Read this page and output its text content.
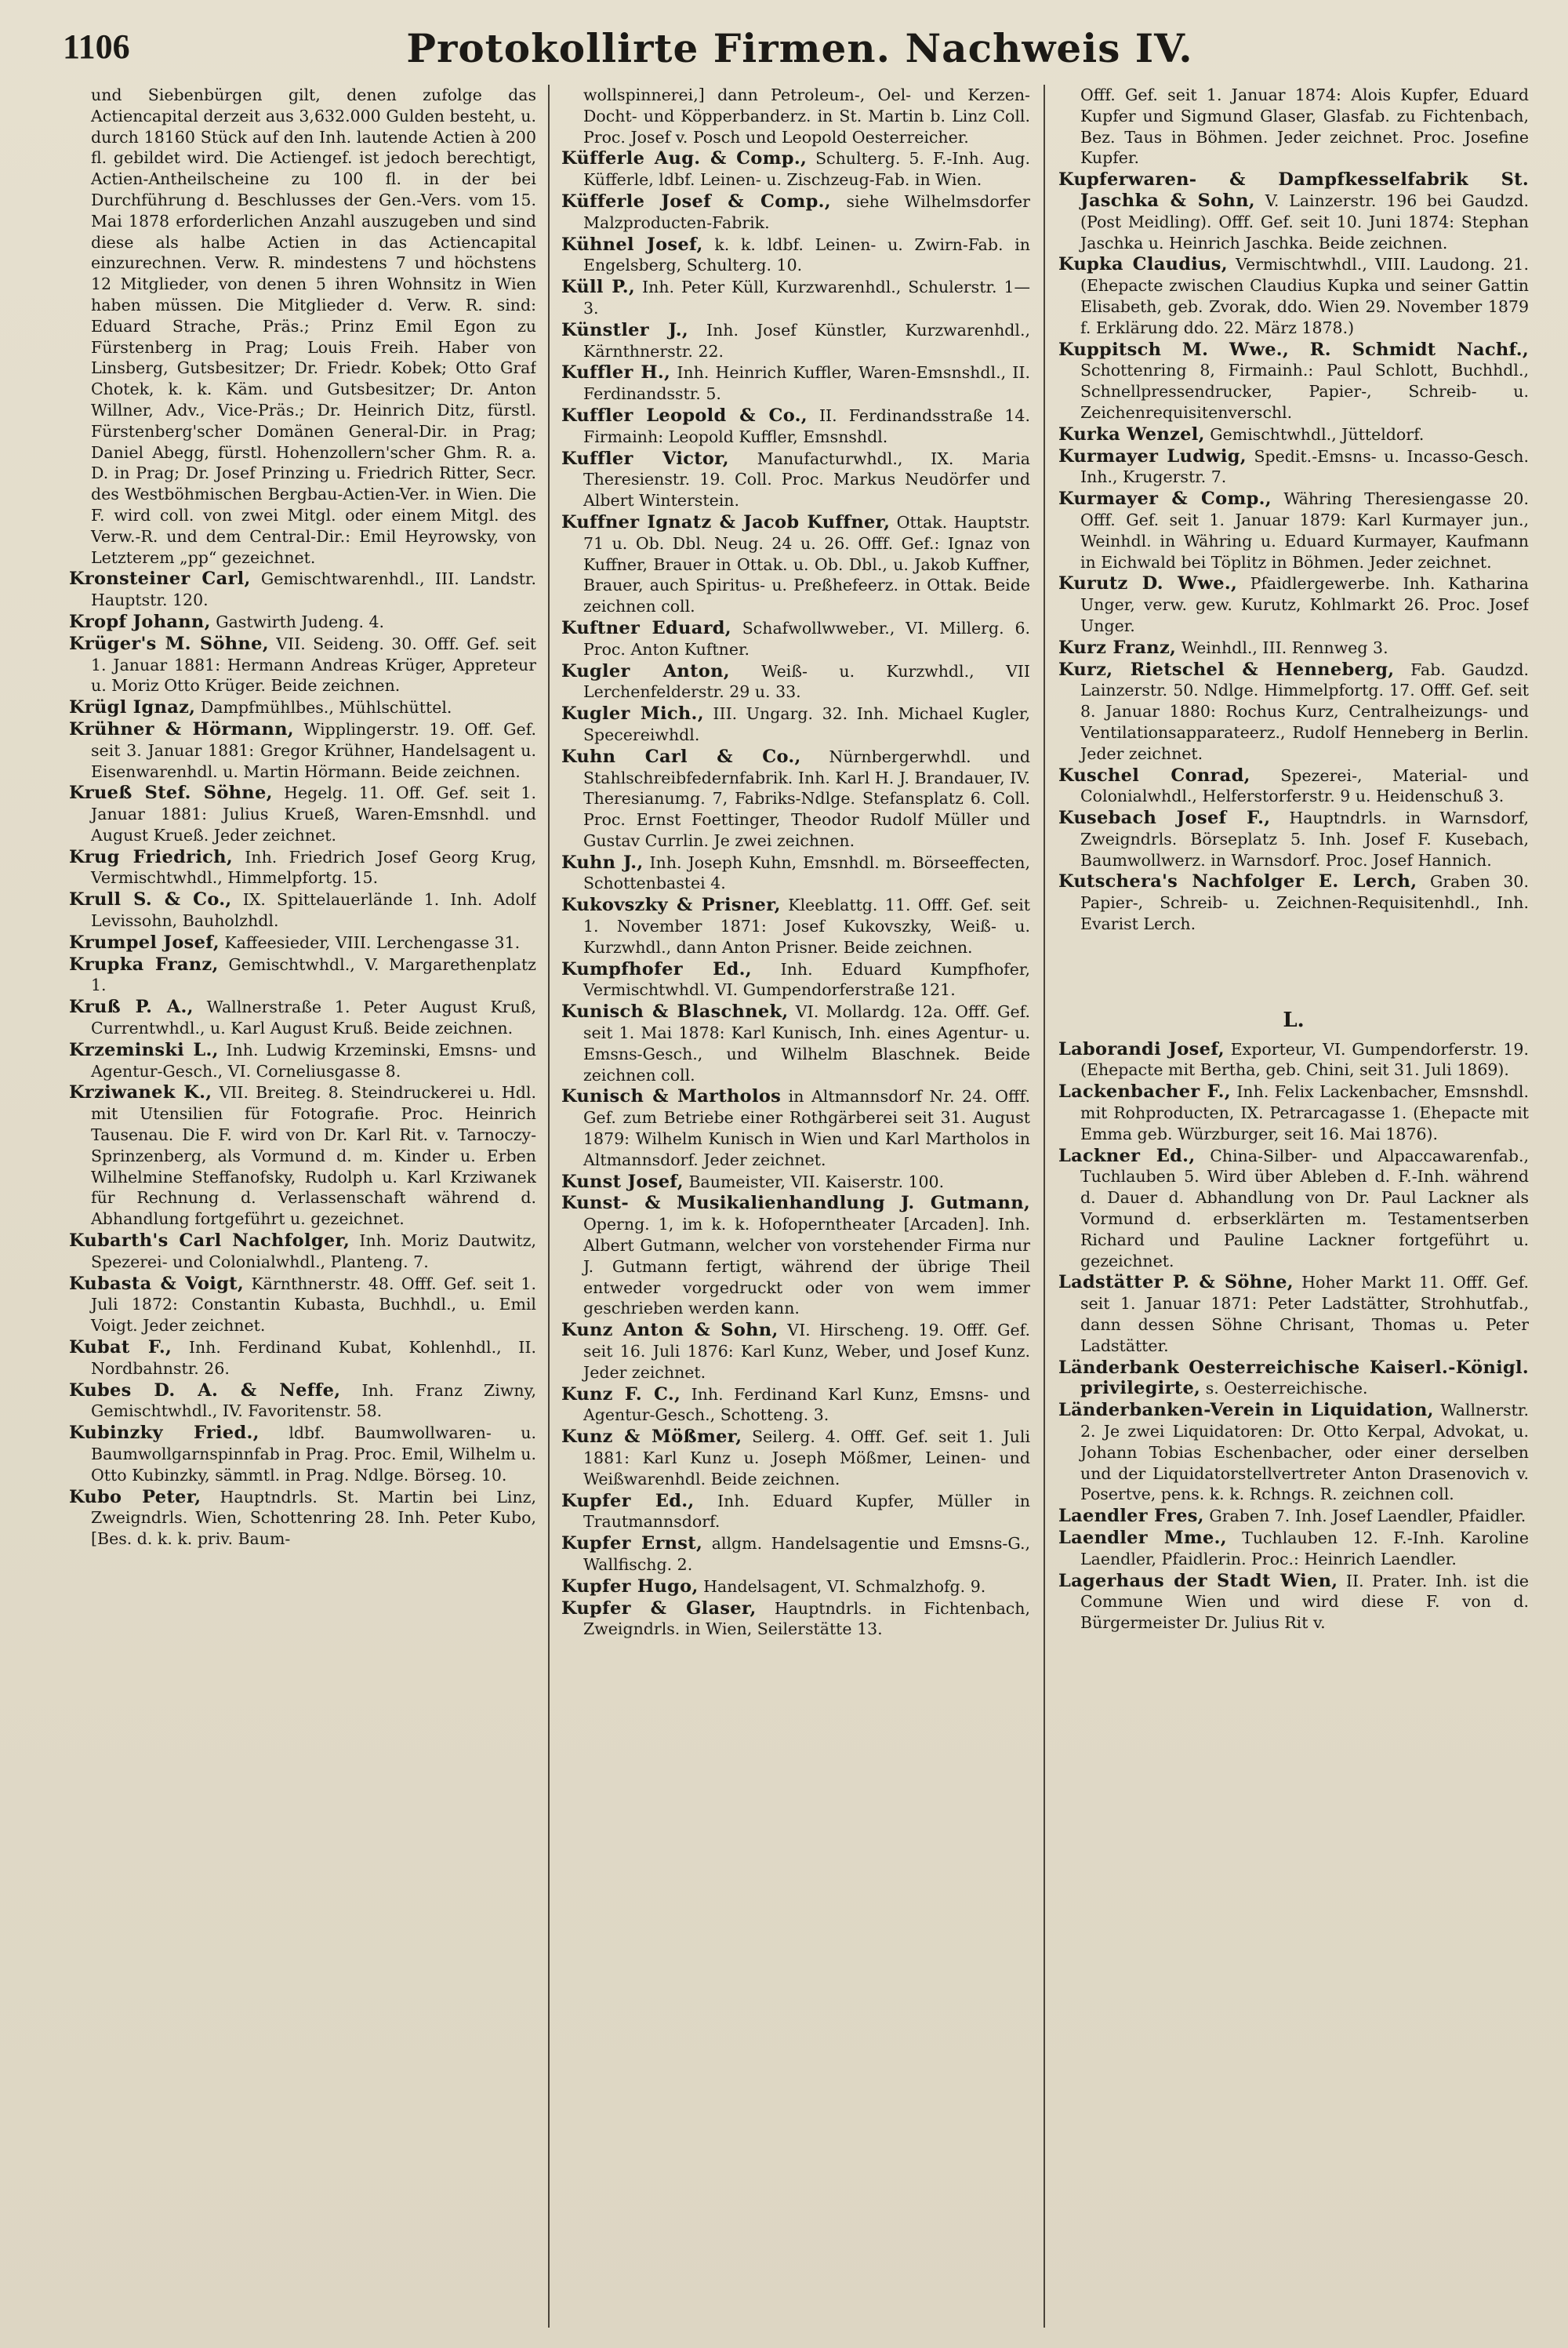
1106	Protokollirte Firmen. Nachweis IV.
und Siebenbürgen gilt, denen zufolge das Actiencapital derzeit aus 3,632.000 Gulden besteht, u. durch 18160 Stück auf den Inh. lautende Actien à 200 fl. gebildet wird. Die Actiengef. ist jedoch berechtigt, Actien-Antheilscheine zu 100 fl. in der bei Durchführung d. Beschlusses der Gen.-Vers. vom 15. Mai 1878 erforderlichen Anzahl auszugeben und sind diese als halbe Actien in das Actiencapital einzurechnen. Verw. R. mindestens 7 und höchstens 12 Mitglieder, von denen 5 ihren Wohnsitz in Wien haben müssen. Die Mitglieder d. Verw. R. sind: Eduard Strache, Präs.; Prinz Emil Egon zu Fürstenberg in Prag; Louis Freih. Haber von Linsberg, Gutsbesitzer; Dr. Friedr. Kobek; Otto Graf Chotek, k. k. Käm. und Gutsbesitzer; Dr. Anton Willner, Adv., Vice-Präs.; Dr. Heinrich Ditz, fürstl. Fürstenberg'scher Domänen General-Dir. in Prag; Daniel Abegg, fürstl. Hohenzollern'scher Ghm. R. a. D. in Prag; Dr. Josef Prinzing u. Friedrich Ritter, Secr. des Westböhmischen Bergbau-Actien-Ver. in Wien. Die F. wird coll. von zwei Mitgl. oder einem Mitgl. des Verw.-R. und dem Central-Dir.: Emil Heyrowsky, von Letzterem „pp“ gezeichnet.
Kronsteiner Carl, Gemischtwarenhdl., III. Landstr. Hauptstr. 120.
Kropf Johann, Gastwirth Judeng. 4.
Krüger's M. Söhne, VII. Seideng. 30. Offf. Gef. seit 1. Januar 1881: Hermann Andreas Krüger, Appreteur u. Moriz Otto Krüger. Beide zeichnen.
Krügl Ignaz, Dampfmühlbes., Mühlschüttel.
Krühner & Hörmann, Wipplingerstr. 19. Off. Gef. seit 3. Januar 1881: Gregor Krühner, Handelsagent u. Eisenwarenhdl. u. Martin Hörmann. Beide zeichnen.
Krueß Stef. Söhne, Hegelg. 11. Off. Gef. seit 1. Januar 1881: Julius Krueß, Waren-Emsnhdl. und August Krueß. Jeder zeichnet.
Krug Friedrich, Inh. Friedrich Josef Georg Krug, Vermischtwhdl., Himmelpfortg. 15.
Krull S. & Co., IX. Spittelauerlände 1. Inh. Adolf Levissohn, Bauholzhdl.
Krumpel Josef, Kaffeesieder, VIII. Lerchengasse 31.
Krupka Franz, Gemischtwhdl., V. Margarethenplatz 1.
Kruß P. A., Wallnerstraße 1. Peter August Kruß, Currentwhdl., u. Karl August Kruß. Beide zeichnen.
Krzeminski L., Inh. Ludwig Krzeminski, Emsns- und Agentur-Gesch., VI. Corneliusgasse 8.
Krziwanek K., VII. Breiteg. 8. Steindruckerei u. Hdl. mit Utensilien für Fotografie. Proc. Heinrich Tausenau. Die F. wird von Dr. Karl Rit. v. Tarnoczy-Sprinzenberg, als Vormund d. m. Kinder u. Erben Wilhelmine Steffanofsky, Rudolph u. Karl Krziwanek für Rechnung d. Verlassenschaft während d. Abhandlung fortgeführt u. gezeichnet.
Kubarth's Carl Nachfolger, Inh. Moriz Dautwitz, Spezerei- und Colonialwhdl., Planteng. 7.
Kubasta & Voigt, Kärnthnerstr. 48. Offf. Gef. seit 1. Juli 1872: Constantin Kubasta, Buchhdl., u. Emil Voigt. Jeder zeichnet.
Kubat F., Inh. Ferdinand Kubat, Kohlenhdl., II. Nordbahnstr. 26.
Kubes D. A. & Neffe, Inh. Franz Ziwny, Gemischtwhdl., IV. Favoritenstr. 58.
Kubinzky Fried., ldbf. Baumwollwaren- u. Baumwollgarnspinnfab in Prag. Proc. Emil, Wilhelm u. Otto Kubinzky, sämmtl. in Prag. Ndlge. Börseg. 10.
Kubo Peter, Hauptndrls. St. Martin bei Linz, Zweigndrls. Wien, Schottenring 28. Inh. Peter Kubo, [Bes. d. k. k. priv. Baum-
wollspinnerei,] dann Petroleum-, Oel- und Kerzen-Docht- und Köpperbanderz. in St. Martin b. Linz Coll. Proc. Josef v. Posch und Leopold Oesterreicher.
Küfferle Aug. & Comp., Schulterg. 5. F.-Inh. Aug. Küfferle, ldbf. Leinen- u. Zischzeug-Fab. in Wien.
Küfferle Josef & Comp., siehe Wilhelmsdorfer Malzproducten-Fabrik.
Kühnel Josef, k. k. ldbf. Leinen- u. Zwirn-Fab. in Engelsberg, Schulterg. 10.
Küll P., Inh. Peter Küll, Kurzwarenhdl., Schulerstr. 1—3.
Künstler J., Inh. Josef Künstler, Kurzwarenhdl., Kärnthnerstr. 22.
Kuffler H., Inh. Heinrich Kuffler, Waren-Emsnshdl., II. Ferdinandsstr. 5.
Kuffler Leopold & Co., II. Ferdinandsstraße 14. Firmainh: Leopold Kuffler, Emsnshdl.
Kuffler Victor, Manufacturwhdl., IX. Maria Theresienstr. 19. Coll. Proc. Markus Neudörfer und Albert Winterstein.
Kuffner Ignatz & Jacob Kuffner, Ottak. Hauptstr. 71 u. Ob. Dbl. Neug. 24 u. 26. Offf. Gef.: Ignaz von Kuffner, Brauer in Ottak. u. Ob. Dbl., u. Jakob Kuffner, Brauer, auch Spiritus- u. Preßhefeerz. in Ottak. Beide zeichnen coll.
Kuftner Eduard, Schafwollwweber., VI. Millerg. 6. Proc. Anton Kuftner.
Kugler Anton, Weiß- u. Kurzwhdl., VII Lerchenfelderstr. 29 u. 33.
Kugler Mich., III. Ungarg. 32. Inh. Michael Kugler, Specereiwhdl.
Kuhn Carl & Co., Nürnbergerwhdl. und Stahlschreibfedernfabrik. Inh. Karl H. J. Brandauer, IV. Theresianumg. 7, Fabriks-Ndlge. Stefansplatz 6. Coll. Proc. Ernst Foettinger, Theodor Rudolf Müller und Gustav Currlin. Je zwei zeichnen.
Kuhn J., Inh. Joseph Kuhn, Emsnhdl. m. Börseeffecten, Schottenbastei 4.
Kukovszky & Prisner, Kleeblattg. 11. Offf. Gef. seit 1. November 1871: Josef Kukovszky, Weiß- u. Kurzwhdl., dann Anton Prisner. Beide zeichnen.
Kumpfhofer Ed., Inh. Eduard Kumpfhofer, Vermischtwhdl. VI. Gumpendorferstraße 121.
Kunisch & Blaschnek, VI. Mollardg. 12a. Offf. Gef. seit 1. Mai 1878: Karl Kunisch, Inh. eines Agentur- u. Emsns-Gesch., und Wilhelm Blaschnek. Beide zeichnen coll.
Kunisch & Martholos in Altmannsdorf Nr. 24. Offf. Gef. zum Betriebe einer Rothgärberei seit 31. August 1879: Wilhelm Kunisch in Wien und Karl Martholos in Altmannsdorf. Jeder zeichnet.
Kunst Josef, Baumeister, VII. Kaiserstr. 100.
Kunst- & Musikalienhandlung J. Gutmann, Operng. 1, im k. k. Hofoperntheater [Arcaden]. Inh. Albert Gutmann, welcher von vorstehender Firma nur J. Gutmann fertigt, während der übrige Theil entweder vorgedruckt oder von wem immer geschrieben werden kann.
Kunz Anton & Sohn, VI. Hirscheng. 19. Offf. Gef. seit 16. Juli 1876: Karl Kunz, Weber, und Josef Kunz. Jeder zeichnet.
Kunz F. C., Inh. Ferdinand Karl Kunz, Emsns- und Agentur-Gesch., Schotteng. 3.
Kunz & Mößmer, Seilerg. 4. Offf. Gef. seit 1. Juli 1881: Karl Kunz u. Joseph Mößmer, Leinen- und Weißwarenhdl. Beide zeichnen.
Kupfer Ed., Inh. Eduard Kupfer, Müller in Trautmannsdorf.
Kupfer Ernst, allgm. Handelsagentie und Emsns-G., Wallfischg. 2.
Kupfer Hugo, Handelsagent, VI. Schmalzhofg. 9.
Kupfer & Glaser, Hauptndrls. in Fichtenbach, Zweigndrls. in Wien, Seilerstätte 13.
Offf. Gef. seit 1. Januar 1874: Alois Kupfer, Eduard Kupfer und Sigmund Glaser, Glasfab. zu Fichtenbach, Bez. Taus in Böhmen. Jeder zeichnet. Proc. Josefine Kupfer.
Kupferwaren- & Dampfkesselfabrik St. Jaschka & Sohn, V. Lainzerstr. 196 bei Gaudzd. (Post Meidling). Offf. Gef. seit 10. Juni 1874: Stephan Jaschka u. Heinrich Jaschka. Beide zeichnen.
Kupka Claudius, Vermischtwhdl., VIII. Laudong. 21. (Ehepacte zwischen Claudius Kupka und seiner Gattin Elisabeth, geb. Zvorak, ddo. Wien 29. November 1879 f. Erklärung ddo. 22. März 1878.)
Kuppitsch M. Wwe., R. Schmidt Nachf., Schottenring 8, Firmainh.: Paul Schlott, Buchhdl., Schnellpressendrucker, Papier-, Schreib- u. Zeichenrequisitenverschl.
Kurka Wenzel, Gemischtwhdl., Jütteldorf.
Kurmayer Ludwig, Spedit.-Emsns- u. Incasso-Gesch. Inh., Krugerstr. 7.
Kurmayer & Comp., Währing Theresiengasse 20. Offf. Gef. seit 1. Januar 1879: Karl Kurmayer jun., Weinhdl. in Währing u. Eduard Kurmayer, Kaufmann in Eichwald bei Töplitz in Böhmen. Jeder zeichnet.
Kurutz D. Wwe., Pfaidlergewerbe. Inh. Katharina Unger, verw. gew. Kurutz, Kohlmarkt 26. Proc. Josef Unger.
Kurz Franz, Weinhdl., III. Rennweg 3.
Kurz, Rietschel & Henneberg, Fab. Gaudzd. Lainzerstr. 50. Ndlge. Himmelpfortg. 17. Offf. Gef. seit 8. Januar 1880: Rochus Kurz, Centralheizungs- und Ventilationsapparateerz., Rudolf Henneberg in Berlin. Jeder zeichnet.
Kuschel Conrad, Spezerei-, Material- und Colonialwhdl., Helferstorferstr. 9 u. Heidenschuß 3.
Kusebach Josef F., Hauptndrls. in Warnsdorf, Zweigndrls. Börseplatz 5. Inh. Josef F. Kusebach, Baumwollwerz. in Warnsdorf. Proc. Josef Hannich.
Kutschera's Nachfolger E. Lerch, Graben 30. Papier-, Schreib- u. Zeichnen-Requisitenhdl., Inh. Evarist Lerch.
L.
Laborandi Josef, Exporteur, VI. Gumpendorferstr. 19. (Ehepacte mit Bertha, geb. Chini, seit 31. Juli 1869).
Lackenbacher F., Inh. Felix Lackenbacher, Emsnshdl. mit Rohproducten, IX. Petrarcagasse 1. (Ehepacte mit Emma geb. Würzburger, seit 16. Mai 1876).
Lackner Ed., China-Silber- und Alpaccawarenfab., Tuchlauben 5. Wird über Ableben d. F.-Inh. während d. Dauer d. Abhandlung von Dr. Paul Lackner als Vormund d. erbserklärten m. Testamentserben Richard und Pauline Lackner fortgeführt u. gezeichnet.
Ladstätter P. & Söhne, Hoher Markt 11. Offf. Gef. seit 1. Januar 1871: Peter Ladstätter, Strohhutfab., dann dessen Söhne Chrisant, Thomas u. Peter Ladstätter.
Länderbank Oesterreichische Kaiserl.-Königl. privilegirte, s. Oesterreichische.
Länderbanken-Verein in Liquidation, Wallnerstr. 2. Je zwei Liquidatoren: Dr. Otto Kerpal, Advokat, u. Johann Tobias Eschenbacher, oder einer derselben und der Liquidatorstellvertreter Anton Drasenovich v. Posertve, pens. k. k. Rchngs. R. zeichnen coll.
Laendler Fres, Graben 7. Inh. Josef Laendler, Pfaidler.
Laendler Mme., Tuchlauben 12. F.-Inh. Karoline Laendler, Pfaidlerin. Proc.: Heinrich Laendler.
Lagerhaus der Stadt Wien, II. Prater. Inh. ist die Commune Wien und wird diese F. von d. Bürgermeister Dr. Julius Rit v.
